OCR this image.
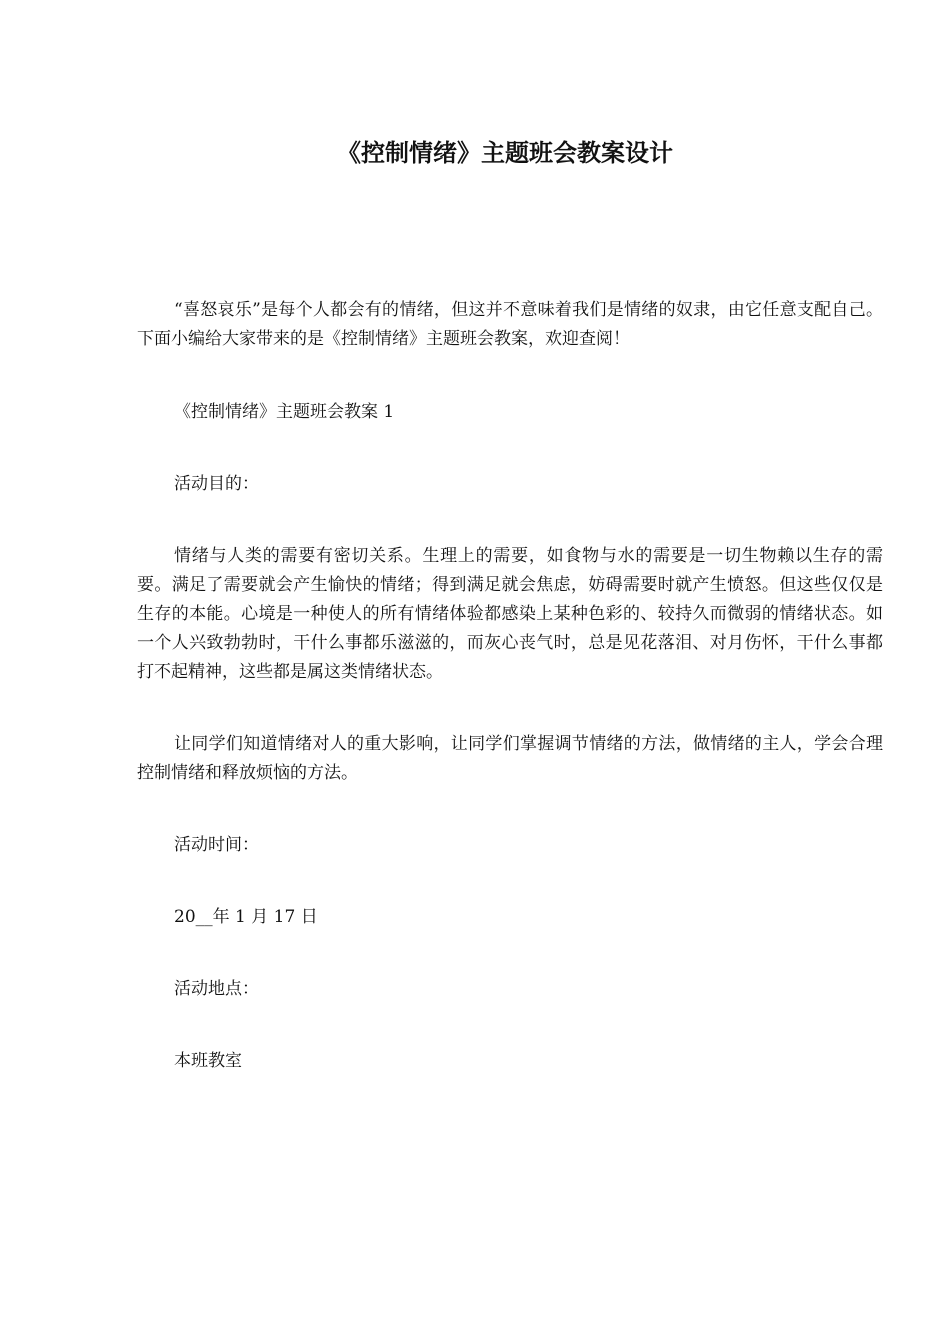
《控制情绪》主题班会教案设计

“喜怒哀乐”是每个人都会有的情绪，但这并不意味着我们是情绪的奴隶，由它任意支配自己。下面小编给大家带来的是《控制情绪》主题班会教案，欢迎查阅！

《控制情绪》主题班会教案 1

活动目的：

情绪与人类的需要有密切关系。生理上的需要，如食物与水的需要是一切生物赖以生存的需要。满足了需要就会产生愉快的情绪；得到满足就会焦虑，妨碍需要时就产生愤怒。但这些仅仅是生存的本能。心境是一种使人的所有情绪体验都感染上某种色彩的、较持久而微弱的情绪状态。如一个人兴致勃勃时，干什么事都乐滋滋的，而灰心丧气时，总是见花落泪、对月伤怀，干什么事都打不起精神，这些都是属这类情绪状态。

让同学们知道情绪对人的重大影响，让同学们掌握调节情绪的方法，做情绪的主人，学会合理控制情绪和释放烦恼的方法。

活动时间：

20__年 1 月 17 日

活动地点：

本班教室
